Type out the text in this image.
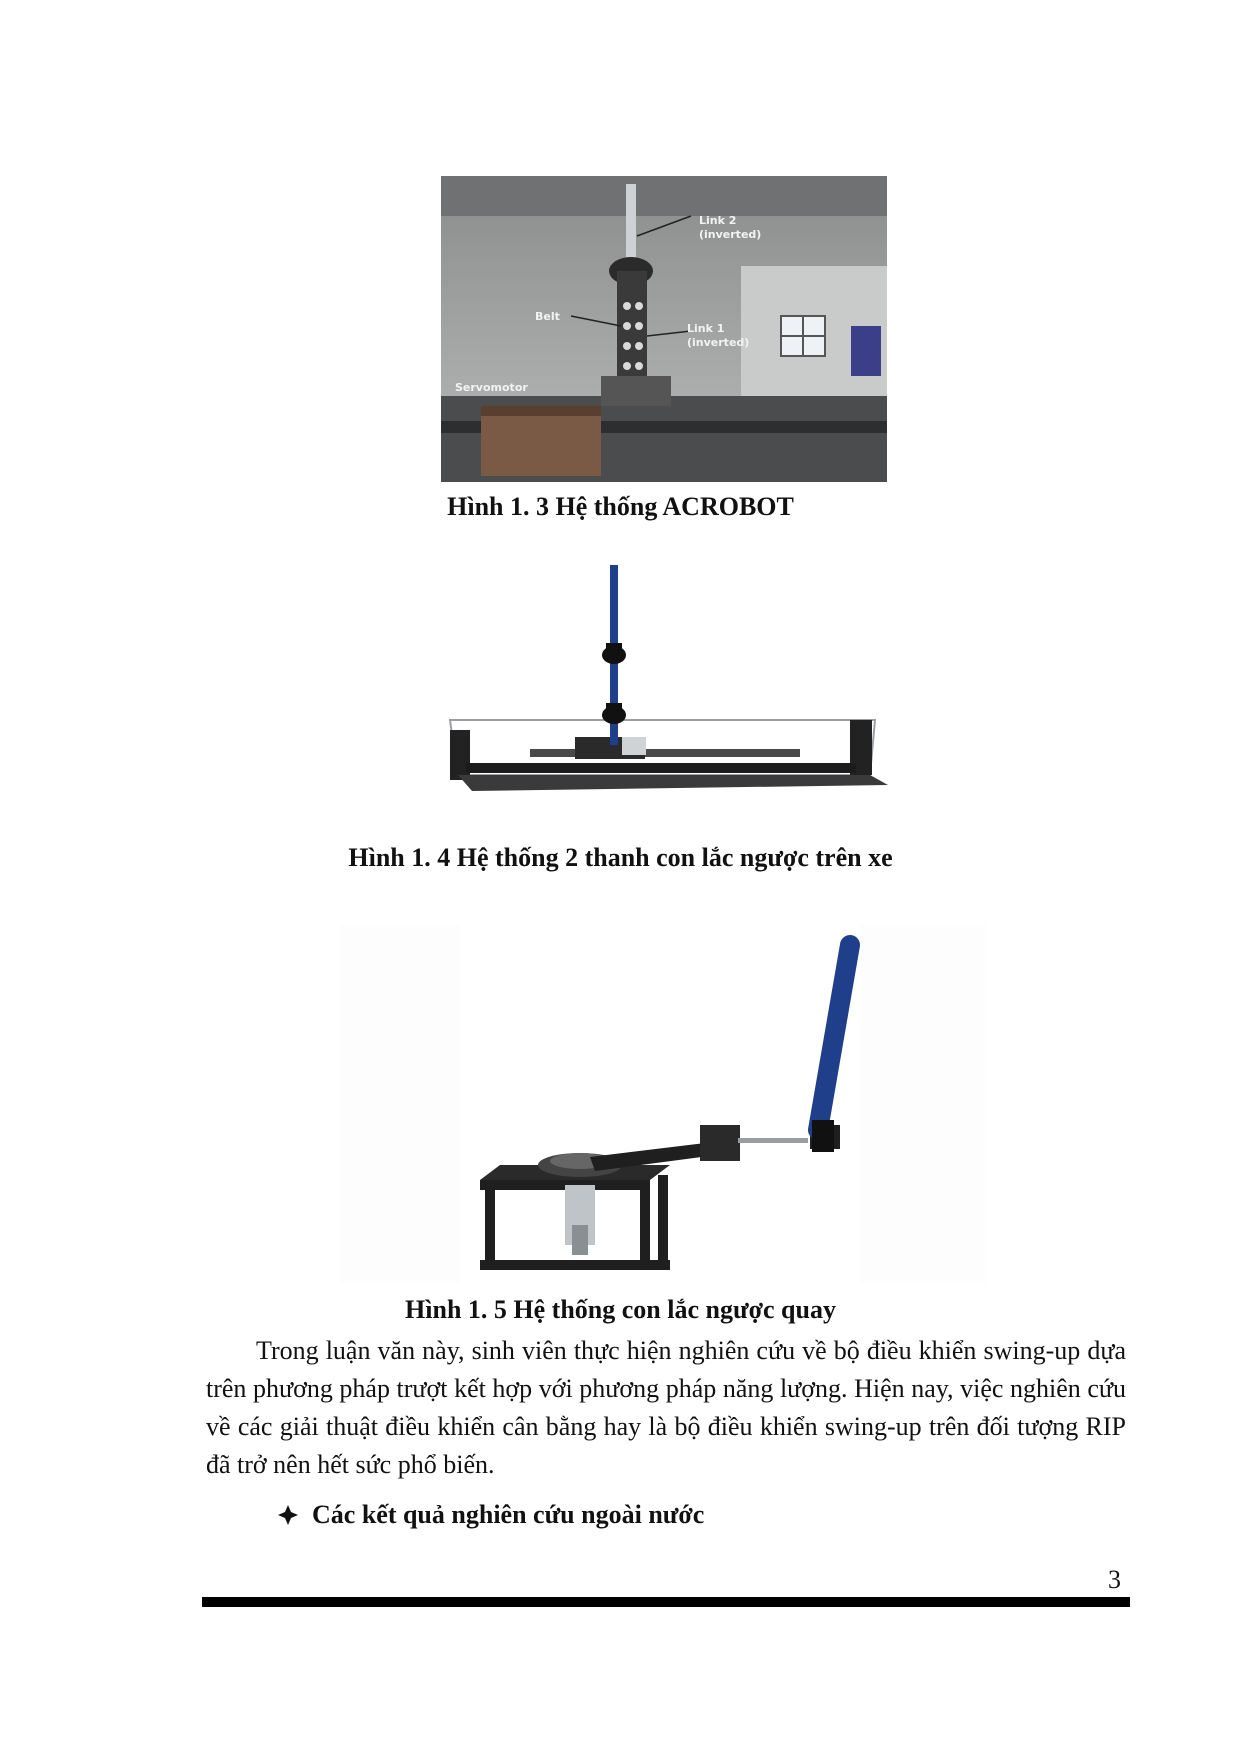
Link 2
(inverted)
Link 1
(inverted)
Belt
Servomotor
Hình 1. 3 Hệ thống ACROBOT
Hình 1. 4 Hệ thống 2 thanh con lắc ngược trên xe
Hình 1. 5 Hệ thống con lắc ngược quay

Trong luận văn này, sinh viên thực hiện nghiên cứu về bộ điều khiển swing-up dựa trên phương pháp trượt kết hợp với phương pháp năng lượng. Hiện nay, việc nghiên cứu về các giải thuật điều khiển cân bằng hay là bộ điều khiển swing-up trên đối tượng RIP đã trở nên hết sức phổ biến.

Các kết quả nghiên cứu ngoài nước
3
